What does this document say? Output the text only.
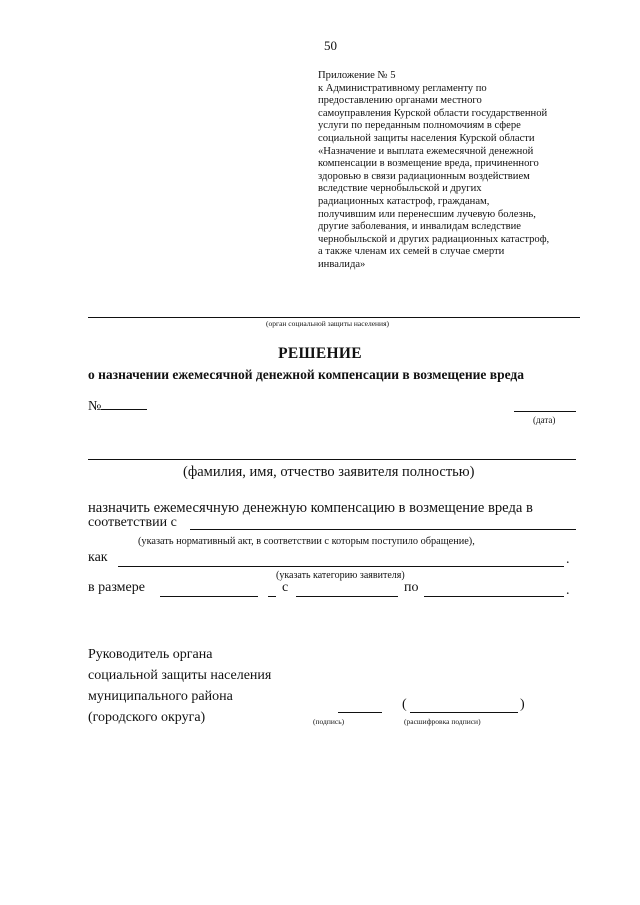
50
Приложение № 5
к Административному регламенту по
предоставлению органами местного
самоуправления Курской области государственной
услуги по переданным полномочиям в сфере
социальной защиты населения Курской области
«Назначение и выплата ежемесячной денежной
компенсации в возмещение вреда, причиненного
здоровью в связи радиационным воздействием
вследствие чернобыльской и других
радиационных катастроф, гражданам,
получившим или перенесшим лучевую болезнь,
другие заболевания, и инвалидам вследствие
чернобыльской и других радиационных катастроф,
а также членам их семей в случае смерти
инвалида»
(орган социальной защиты населения)
РЕШЕНИЕ
о назначении ежемесячной денежной компенсации в возмещение вреда
№
(дата)
(фамилия, имя, отчество заявителя полностью)
назначить ежемесячную денежную компенсацию в возмещение вреда в
соответствии с
(указать нормативный акт, в соответствии с которым поступило обращение),
как	.
(указать категорию заявителя)
в размере	с	по	.
Руководитель органа
социальной защиты населения
муниципального района
(городского округа)	(подпись)
(	)
(расшифровка подписи)
